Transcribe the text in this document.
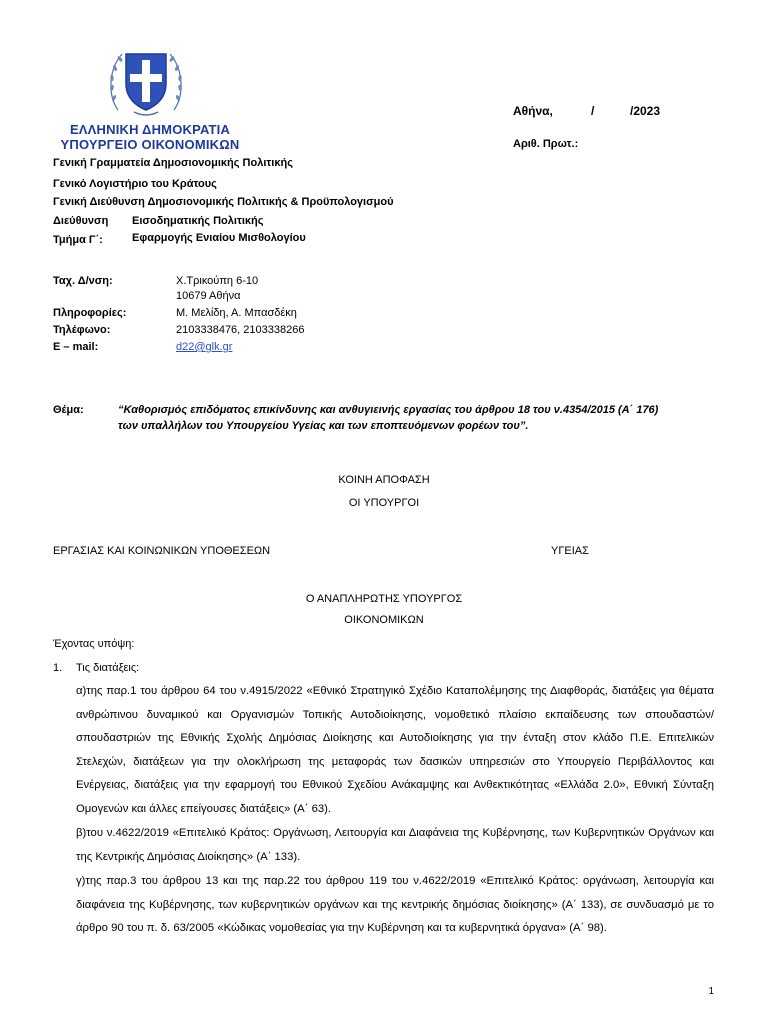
ΕΛΛΗΝΙΚΗ ΔΗΜΟΚΡΑΤΙΑ
ΥΠΟΥΡΓΕΙΟ ΟΙΚΟΝΟΜΙΚΩΝ
Αθήνα,	/	/2023
Αριθ. Πρωτ.:
Γενική Γραμματεία Δημοσιονομικής Πολιτικής
Γενικό Λογιστήριο του Κράτους
Γενική Διεύθυνση Δημοσιονομικής Πολιτικής & Προϋπολογισμού
Διεύθυνση Εισοδηματικής Πολιτικής
Τμήμα Γ΄:	Εφαρμογής Ενιαίου Μισθολογίου
Ταχ. Δ/νση:	Χ.Τρικούπη 6-10
10679 Αθήνα
Πληροφορίες:	Μ. Μελίδη, Α. Μπασδέκη
Τηλέφωνο:	2103338476, 2103338266
E – mail:	d22@glk.gr
Θέμα:	“Καθορισμός επιδόματος επικίνδυνης και ανθυγιεινής εργασίας του άρθρου 18 του ν.4354/2015 (Α΄ 176)
των υπαλλήλων του Υπουργείου Υγείας και των εποπτευόμενων φορέων του”.
ΚΟΙΝΗ ΑΠΟΦΑΣΗ
ΟΙ ΥΠΟΥΡΓΟΙ
ΕΡΓΑΣΙΑΣ ΚΑΙ ΚΟΙΝΩΝΙΚΩΝ ΥΠΟΘΕΣΕΩΝ	ΥΓΕΙΑΣ
Ο ΑΝΑΠΛΗΡΩΤΗΣ ΥΠΟΥΡΓΟΣ
ΟΙΚΟΝΟΜΙΚΩΝ
Έχοντας υπόψη:
1. Τις διατάξεις:
α)της παρ.1 του άρθρου 64 του ν.4915/2022 «Εθνικό Στρατηγικό Σχέδιο Καταπολέμησης της Διαφθοράς, διατάξεις για θέματα ανθρώπινου δυναμικού και Οργανισμών Τοπικής Αυτοδιοίκησης, νομοθετικό πλαίσιο εκπαίδευσης των σπουδαστών/σπουδαστριών της Εθνικής Σχολής Δημόσιας Διοίκησης και Αυτοδιοίκησης για την ένταξη στον κλάδο Π.Ε. Επιτελικών Στελεχών, διατάξεων για την ολοκλήρωση της μεταφοράς των δασικών υπηρεσιών στο Υπουργείο Περιβάλλοντος και Ενέργειας, διατάξεις για την εφαρμογή του Εθνικού Σχεδίου Ανάκαμψης και Ανθεκτικότητας «Ελλάδα 2.0», Εθνική Σύνταξη Ομογενών και άλλες επείγουσες διατάξεις» (Α΄ 63).
β)του ν.4622/2019 «Επιτελικό Κράτος: Οργάνωση, Λειτουργία και Διαφάνεια της Κυβέρνησης, των Κυβερνητικών Οργάνων και της Κεντρικής Δημόσιας Διοίκησης» (Α΄ 133).
γ)της παρ.3 του άρθρου 13 και της παρ.22 του άρθρου 119 του ν.4622/2019 «Επιτελικό Κράτος: οργάνωση, λειτουργία και διαφάνεια της Κυβέρνησης, των κυβερνητικών οργάνων και της κεντρικής δημόσιας διοίκησης» (Α΄ 133), σε συνδυασμό με το άρθρο 90 του π. δ. 63/2005 «Κώδικας νομοθεσίας για την Κυβέρνηση και τα κυβερνητικά όργανα» (Α΄ 98).
1
